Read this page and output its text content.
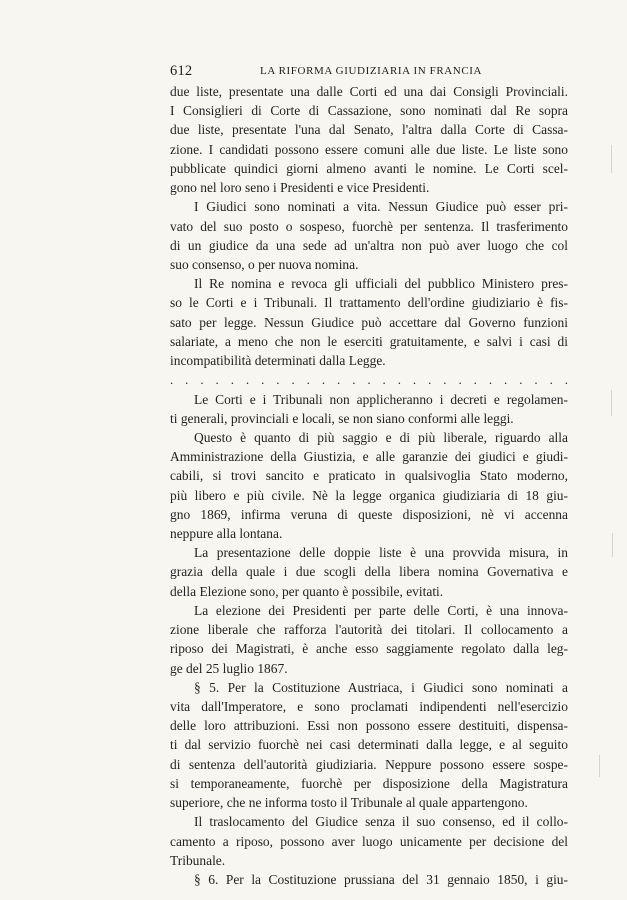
612	LA RIFORMA GIUDIZIARIA IN FRANCIA
due liste, presentate una dalle Corti ed una dai Consigli Provinciali.
I Consiglieri di Corte di Cassazione, sono nominati dal Re sopra
due liste, presentate l'una dal Senato, l'altra dalla Corte di Cassa-
zione. I candidati possono essere comuni alle due liste. Le liste sono
pubblicate quindici giorni almeno avanti le nomine. Le Corti scel-
gono nel loro seno i Presidenti e vice Presidenti.
I Giudici sono nominati a vita. Nessun Giudice può esser pri-
vato del suo posto o sospeso, fuorchè per sentenza. Il trasferimento
di un giudice da una sede ad un'altra non può aver luogo che col
suo consenso, o per nuova nomina.
Il Re nomina e revoca gli ufficiali del pubblico Ministero pres-
so le Corti e i Tribunali. Il trattamento dell'ordine giudiziario è fis-
sato per legge. Nessun Giudice può accettare dal Governo funzioni
salariate, a meno che non le eserciti gratuitamente, e salvi i casi di
incompatibilità determinati dalla Legge.
. . . . . . . . . . . . . . . . . . . . . . . . . . .
Le Corti e i Tribunali non applicheranno i decreti e regolamen-
ti generali, provinciali e locali, se non siano conformi alle leggi.
Questo è quanto di più saggio e di più liberale, riguardo alla
Amministrazione della Giustizia, e alle garanzie dei giudici e giudi-
cabili, si trovi sancito e praticato in qualsivoglia Stato moderno,
più libero e più civile. Nè la legge organica giudiziaria di 18 giu-
gno 1869, infirma veruna di queste disposizioni, nè vi accenna
neppure alla lontana.
La presentazione delle doppie liste è una provvida misura, in
grazia della quale i due scogli della libera nomina Governativa e
della Elezione sono, per quanto è possibile, evitati.
La elezione dei Presidenti per parte delle Corti, è una innova-
zione liberale che rafforza l'autorità dei titolari. Il collocamento a
riposo dei Magistrati, è anche esso saggiamente regolato dalla leg-
ge del 25 luglio 1867.
§ 5. Per la Costituzione Austriaca, i Giudici sono nominati a
vita dall'Imperatore, e sono proclamati indipendenti nell'esercizio
delle loro attribuzioni. Essi non possono essere destituiti, dispensa-
ti dal servizio fuorchè nei casi determinati dalla legge, e al seguito
di sentenza dell'autorità giudiziaria. Neppure possono essere sospe-
si temporaneamente, fuorchè per disposizione della Magistratura
superiore, che ne informa tosto il Tribunale al quale appartengono.
Il traslocamento del Giudice senza il suo consenso, ed il collo-
camento a riposo, possono aver luogo unicamente per decisione del
Tribunale.
§ 6. Per la Costituzione prussiana del 31 gennaio 1850, i giu-
